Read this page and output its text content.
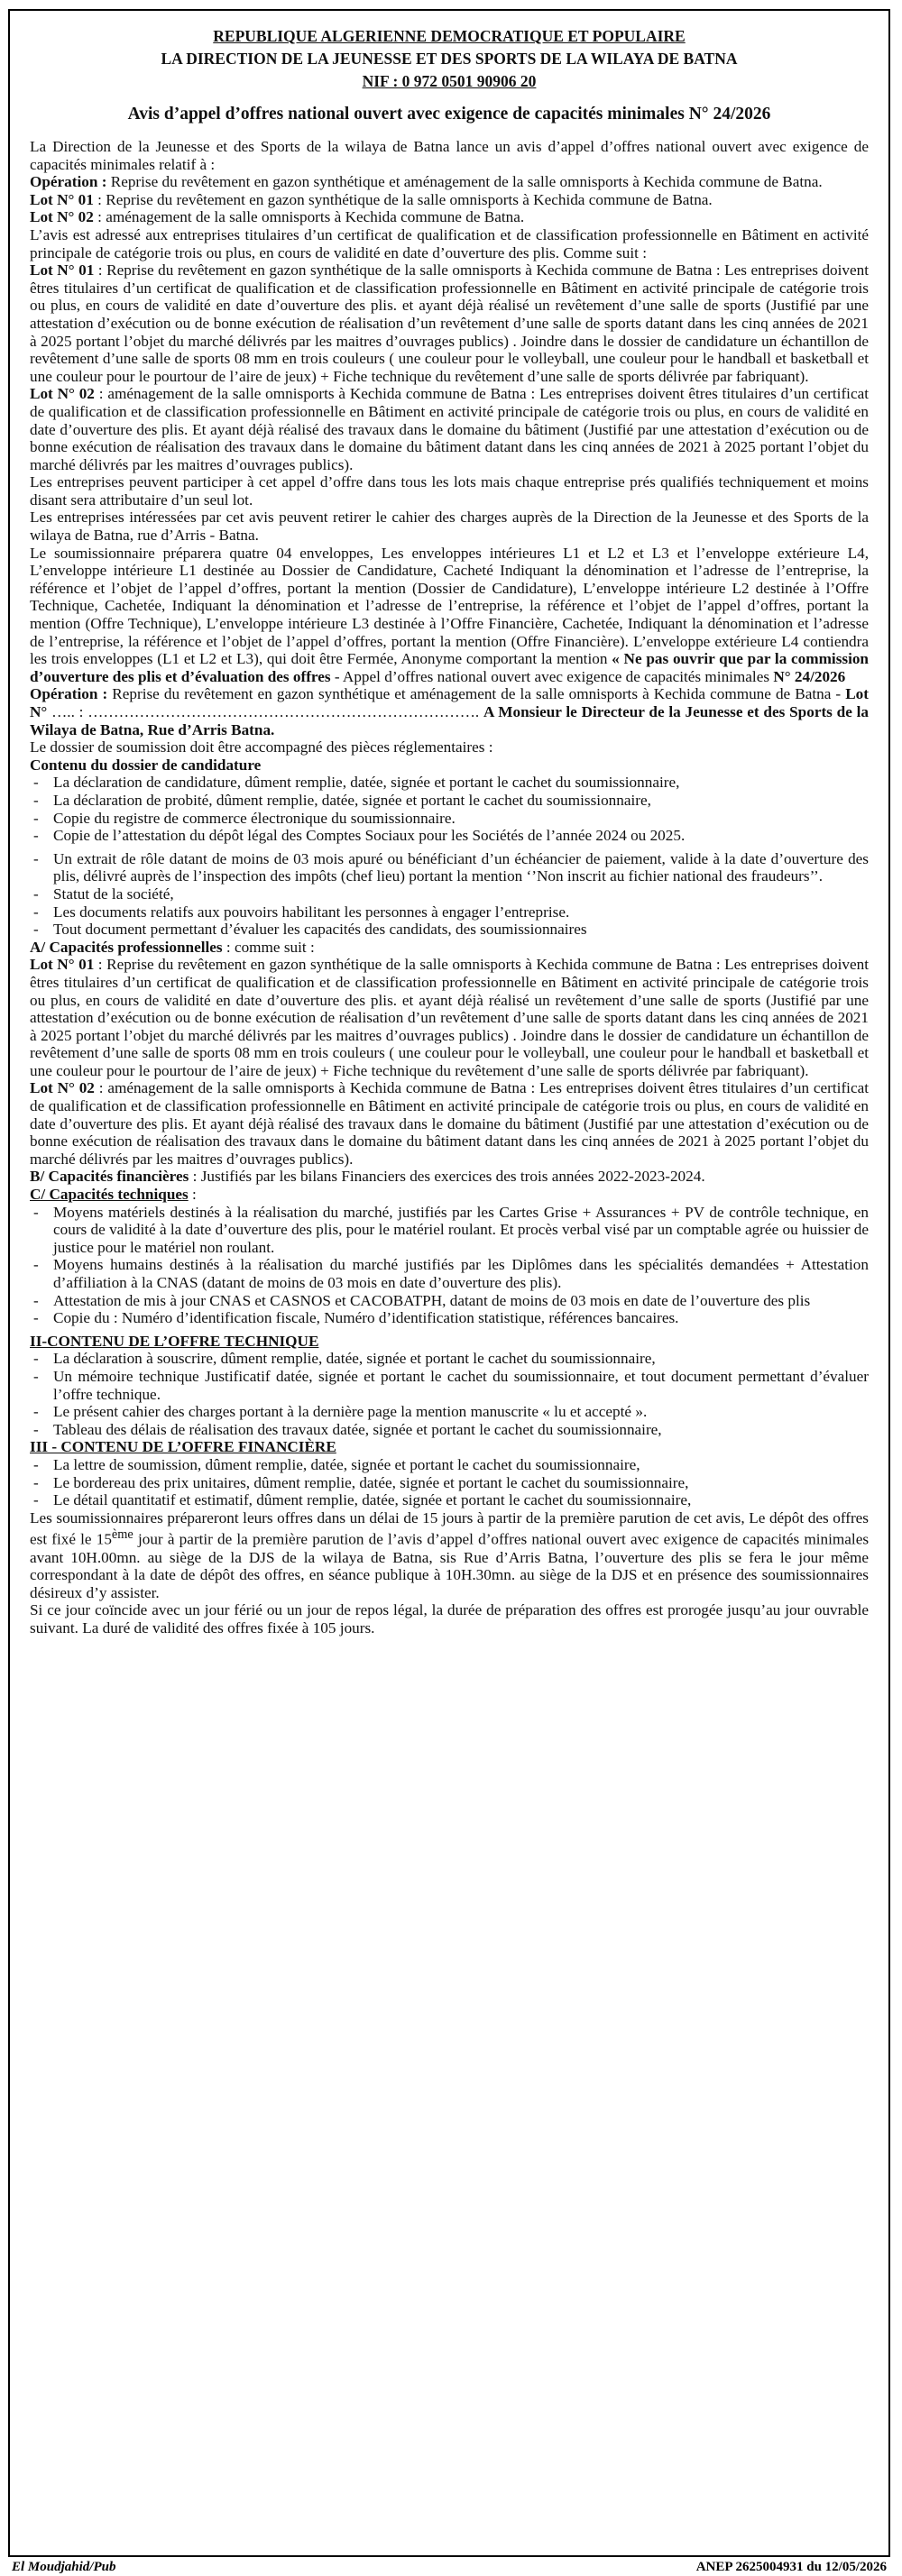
REPUBLIQUE ALGERIENNE DEMOCRATIQUE ET POPULAIRE
LA DIRECTION DE LA JEUNESSE ET DES SPORTS DE LA WILAYA DE BATNA
NIF : 0 972 0501 90906 20
Avis d’appel d’offres national ouvert avec exigence de capacités minimales N° 24/2026

La Direction de la Jeunesse et des Sports de la wilaya de Batna lance un avis d’appel d’offres national ouvert avec exigence de capacités minimales relatif à :

Opération : Reprise du revêtement en gazon synthétique et aménagement de la salle omnisports à Kechida commune de Batna.

Lot N° 01 : Reprise du revêtement en gazon synthétique de la salle omnisports à Kechida commune de Batna.

Lot N° 02 : aménagement de la salle omnisports à Kechida commune de Batna.

L’avis est adressé aux entreprises titulaires d’un certificat de qualification et de classification professionnelle en Bâtiment en activité principale de catégorie trois ou plus, en cours de validité en date d’ouverture des plis. Comme suit :

Lot N° 01 : Reprise du revêtement en gazon synthétique de la salle omnisports à Kechida commune de Batna : Les entreprises doivent êtres titulaires d’un certificat de qualification et de classification professionnelle en Bâtiment en activité principale de catégorie trois ou plus, en cours de validité en date d’ouverture des plis. et ayant déjà réalisé un revêtement d’une salle de sports (Justifié par une attestation d’exécution ou de bonne exécution de réalisation d’un revêtement d’une salle de sports datant dans les cinq années de 2021 à 2025 portant l’objet du marché délivrés par les maitres d’ouvrages publics) . Joindre dans le dossier de candidature un échantillon de revêtement d’une salle de sports 08 mm en trois couleurs ( une couleur pour le volleyball, une couleur pour le handball et basketball et une couleur pour le pourtour de l’aire de jeux) + Fiche technique du revêtement d’une salle de sports délivrée par fabriquant).

Lot N° 02 : aménagement de la salle omnisports à Kechida commune de Batna : Les entreprises doivent êtres titulaires d’un certificat de qualification et de classification professionnelle en Bâtiment en activité principale de catégorie trois ou plus, en cours de validité en date d’ouverture des plis. Et ayant déjà réalisé des travaux dans le domaine du bâtiment (Justifié par une attestation d’exécution ou de bonne exécution de réalisation des travaux dans le domaine du bâtiment datant dans les cinq années de 2021 à 2025 portant l’objet du marché délivrés par les maitres d’ouvrages publics).

Les entreprises peuvent participer à cet appel d’offre dans tous les lots mais chaque entreprise prés qualifiés techniquement et moins disant sera attributaire d’un seul lot.

Les entreprises intéressées par cet avis peuvent retirer le cahier des charges auprès de la Direction de la Jeunesse et des Sports de la wilaya de Batna, rue d’Arris - Batna.

Le soumissionnaire préparera quatre 04 enveloppes, Les enveloppes intérieures L1 et L2 et L3 et l’enveloppe extérieure L4, L’enveloppe intérieure L1 destinée au Dossier de Candidature, Cacheté Indiquant la dénomination et l’adresse de l’entreprise, la référence et l’objet de l’appel d’offres, portant la mention (Dossier de Candidature), L’enveloppe intérieure L2 destinée à l’Offre Technique, Cachetée, Indiquant la dénomination et l’adresse de l’entreprise, la référence et l’objet de l’appel d’offres, portant la mention (Offre Technique), L’enveloppe intérieure L3 destinée à l’Offre Financière, Cachetée, Indiquant la dénomination et l’adresse de l’entreprise, la référence et l’objet de l’appel d’offres, portant la mention (Offre Financière). L’enveloppe extérieure L4 contiendra les trois enveloppes (L1 et L2 et L3), qui doit être Fermée, Anonyme comportant la mention « Ne pas ouvrir que par la commission d’ouverture des plis et d’évaluation des offres - Appel d’offres national ouvert avec exigence de capacités minimales N° 24/2026

Opération : Reprise du revêtement en gazon synthétique et aménagement de la salle omnisports à Kechida commune de Batna - Lot N° ….. : …………………………………………………………………. A Monsieur le Directeur de la Jeunesse et des Sports de la Wilaya de Batna, Rue d’Arris Batna.

Le dossier de soumission doit être accompagné des pièces réglementaires :

Contenu du dossier de candidature

- La déclaration de candidature, dûment remplie, datée, signée et portant le cachet du soumissionnaire,
- La déclaration de probité, dûment remplie, datée, signée et portant le cachet du soumissionnaire,
- Copie du registre de commerce électronique du soumissionnaire.
- Copie de l’attestation du dépôt légal des Comptes Sociaux pour les Sociétés de l’année 2024 ou 2025.
- Un extrait de rôle datant de moins de 03 mois apuré ou bénéficiant d’un échéancier de paiement, valide à la date d’ouverture des plis, délivré auprès de l’inspection des impôts (chef lieu) portant la mention ‘’Non inscrit au fichier national des fraudeurs’’.
- Statut de la société,
- Les documents relatifs aux pouvoirs habilitant les personnes à engager l’entreprise.
- Tout document permettant d’évaluer les capacités des candidats, des soumissionnaires

A/ Capacités professionnelles : comme suit :

Lot N° 01 : Reprise du revêtement en gazon synthétique de la salle omnisports à Kechida commune de Batna : Les entreprises doivent êtres titulaires d’un certificat de qualification et de classification professionnelle en Bâtiment en activité principale de catégorie trois ou plus, en cours de validité en date d’ouverture des plis. et ayant déjà réalisé un revêtement d’une salle de sports (Justifié par une attestation d’exécution ou de bonne exécution de réalisation d’un revêtement d’une salle de sports datant dans les cinq années de 2021 à 2025 portant l’objet du marché délivrés par les maitres d’ouvrages publics) . Joindre dans le dossier de candidature un échantillon de revêtement d’une salle de sports 08 mm en trois couleurs ( une couleur pour le volleyball, une couleur pour le handball et basketball et une couleur pour le pourtour de l’aire de jeux) + Fiche technique du revêtement d’une salle de sports délivrée par fabriquant).

Lot N° 02 : aménagement de la salle omnisports à Kechida commune de Batna : Les entreprises doivent êtres titulaires d’un certificat de qualification et de classification professionnelle en Bâtiment en activité principale de catégorie trois ou plus, en cours de validité en date d’ouverture des plis. Et ayant déjà réalisé des travaux dans le domaine du bâtiment (Justifié par une attestation d’exécution ou de bonne exécution de réalisation des travaux dans le domaine du bâtiment datant dans les cinq années de 2021 à 2025 portant l’objet du marché délivrés par les maitres d’ouvrages publics).

B/ Capacités financières : Justifiés par les bilans Financiers des exercices des trois années 2022-2023-2024.

C/ Capacités techniques :

- Moyens matériels destinés à la réalisation du marché, justifiés par les Cartes Grise + Assurances + PV de contrôle technique, en cours de validité à la date d’ouverture des plis, pour le matériel roulant. Et procès verbal visé par un comptable agrée ou huissier de justice pour le matériel non roulant.
- Moyens humains destinés à la réalisation du marché justifiés par les Diplômes dans les spécialités demandées + Attestation d’affiliation à la CNAS (datant de moins de 03 mois en date d’ouverture des plis).
- Attestation de mis à jour CNAS et CASNOS et CACOBATPH, datant de moins de 03 mois en date de l’ouverture des plis
- Copie du : Numéro d’identification fiscale, Numéro d’identification statistique, références bancaires.

II-CONTENU DE L’OFFRE TECHNIQUE

- La déclaration à souscrire, dûment remplie, datée, signée et portant le cachet du soumissionnaire,
- Un mémoire technique Justificatif datée, signée et portant le cachet du soumissionnaire, et tout document permettant d’évaluer l’offre technique.
- Le présent cahier des charges portant à la dernière page la mention manuscrite « lu et accepté ».
- Tableau des délais de réalisation des travaux datée, signée et portant le cachet du soumissionnaire,

III - CONTENU DE L’OFFRE FINANCIÈRE

- La lettre de soumission, dûment remplie, datée, signée et portant le cachet du soumissionnaire,
- Le bordereau des prix unitaires, dûment remplie, datée, signée et portant le cachet du soumissionnaire,
- Le détail quantitatif et estimatif, dûment remplie, datée, signée et portant le cachet du soumissionnaire,

Les soumissionnaires prépareront leurs offres dans un délai de 15 jours à partir de la première parution de cet avis, Le dépôt des offres est fixé le 15ème jour à partir de la première parution de l’avis d’appel d’offres national ouvert avec exigence de capacités minimales avant 10H.00mn. au siège de la DJS de la wilaya de Batna, sis Rue d’Arris Batna, l’ouverture des plis se fera le jour même correspondant à la date de dépôt des offres, en séance publique à 10H.30mn. au siège de la DJS et en présence des soumissionnaires désireux d’y assister.

Si ce jour coïncide avec un jour férié ou un jour de repos légal, la durée de préparation des offres est prorogée jusqu’au jour ouvrable suivant. La duré de validité des offres fixée à 105 jours.

El Moudjahid/Pub	ANEP 2625004931 du 12/05/2026
